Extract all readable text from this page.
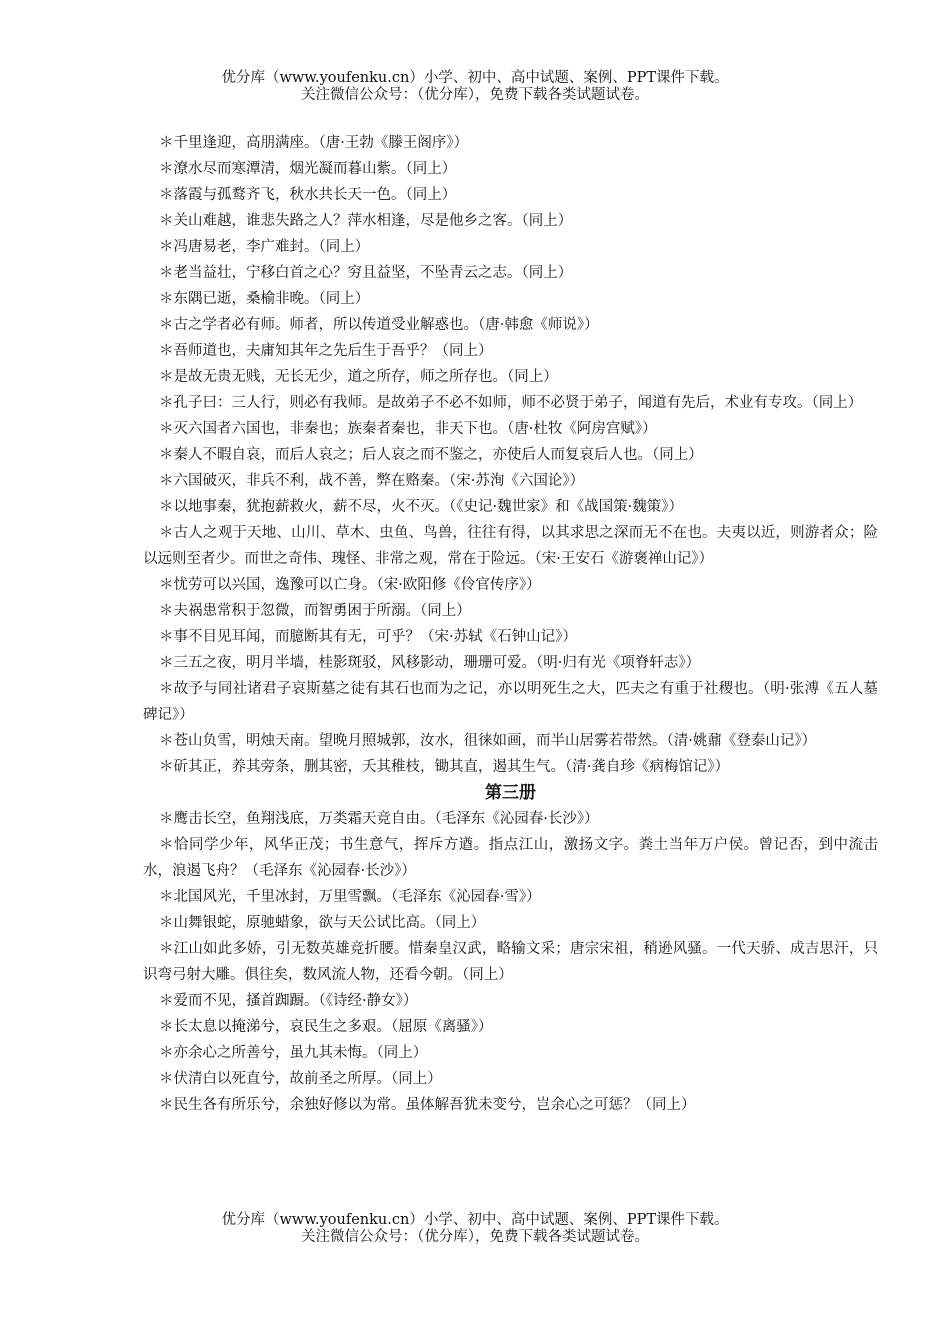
优分库（www.youfenku.cn）小学、初中、高中试题、案例、PPT课件下载。
关注微信公众号：（优分库），免费下载各类试题试卷。

＊千里逢迎，高朋满座。（唐·王勃《滕王阁序》）

＊潦水尽而寒潭清，烟光凝而暮山紫。（同上）

＊落霞与孤鹜齐飞，秋水共长天一色。（同上）

＊关山难越，谁悲失路之人？萍水相逢，尽是他乡之客。（同上）

＊冯唐易老，李广难封。（同上）

＊老当益壮，宁移白首之心？穷且益坚，不坠青云之志。（同上）

＊东隅已逝，桑榆非晚。（同上）

＊古之学者必有师。师者，所以传道受业解惑也。（唐·韩愈《师说》）

＊吾师道也，夫庸知其年之先后生于吾乎？（同上）

＊是故无贵无贱，无长无少，道之所存，师之所存也。（同上）

＊孔子曰：三人行，则必有我师。是故弟子不必不如师，师不必贤于弟子，闻道有先后，术业有专攻。（同上）

＊灭六国者六国也，非秦也；族秦者秦也，非天下也。（唐·杜牧《阿房宫赋》）

＊秦人不暇自哀，而后人哀之；后人哀之而不鉴之，亦使后人而复哀后人也。（同上）

＊六国破灭，非兵不利，战不善，弊在赂秦。（宋·苏洵《六国论》）

＊以地事秦，犹抱薪救火，薪不尽，火不灭。（《史记·魏世家》和《战国策·魏策》）

＊古人之观于天地、山川、草木、虫鱼、鸟兽，往往有得，以其求思之深而无不在也。夫夷以近，则游者众；险以远则至者少。而世之奇伟、瑰怪、非常之观，常在于险远。（宋·王安石《游褒禅山记》）

＊忧劳可以兴国，逸豫可以亡身。（宋·欧阳修《伶官传序》）

＊夫祸患常积于忽微，而智勇困于所溺。（同上）

＊事不目见耳闻，而臆断其有无，可乎？（宋·苏轼《石钟山记》）

＊三五之夜，明月半墙，桂影斑驳，风移影动，珊珊可爱。（明·归有光《项脊轩志》）

＊故予与同社诸君子哀斯墓之徒有其石也而为之记，亦以明死生之大，匹夫之有重于社稷也。（明·张溥《五人墓碑记》）

＊苍山负雪，明烛天南。望晚月照城郭，汝水，徂徕如画，而半山居雾若带然。（清·姚鼐《登泰山记》）

＊斫其正，养其旁条，删其密，夭其稚枝，锄其直，遏其生气。（清·龚自珍《病梅馆记》）

第三册

＊鹰击长空，鱼翔浅底，万类霜天竞自由。（毛泽东《沁园春·长沙》）

＊恰同学少年，风华正茂；书生意气，挥斥方遒。指点江山，激扬文字。粪土当年万户侯。曾记否，到中流击水，浪遏飞舟？（毛泽东《沁园春·长沙》）

＊北国风光，千里冰封，万里雪飘。（毛泽东《沁园春·雪》）

＊山舞银蛇，原驰蜡象，欲与天公试比高。（同上）

＊江山如此多娇，引无数英雄竞折腰。惜秦皇汉武，略输文采；唐宗宋祖，稍逊风骚。一代天骄、成吉思汗，只识弯弓射大雕。俱往矣，数风流人物，还看今朝。（同上）

＊爱而不见，搔首踟蹰。（《诗经·静女》）

＊长太息以掩涕兮，哀民生之多艰。（屈原《离骚》）

＊亦余心之所善兮，虽九其未悔。（同上）

＊伏清白以死直兮，故前圣之所厚。（同上）

＊民生各有所乐兮，余独好修以为常。虽体解吾犹未变兮，岂余心之可惩？（同上）

优分库（www.youfenku.cn）小学、初中、高中试题、案例、PPT课件下载。
关注微信公众号：（优分库），免费下载各类试题试卷。
